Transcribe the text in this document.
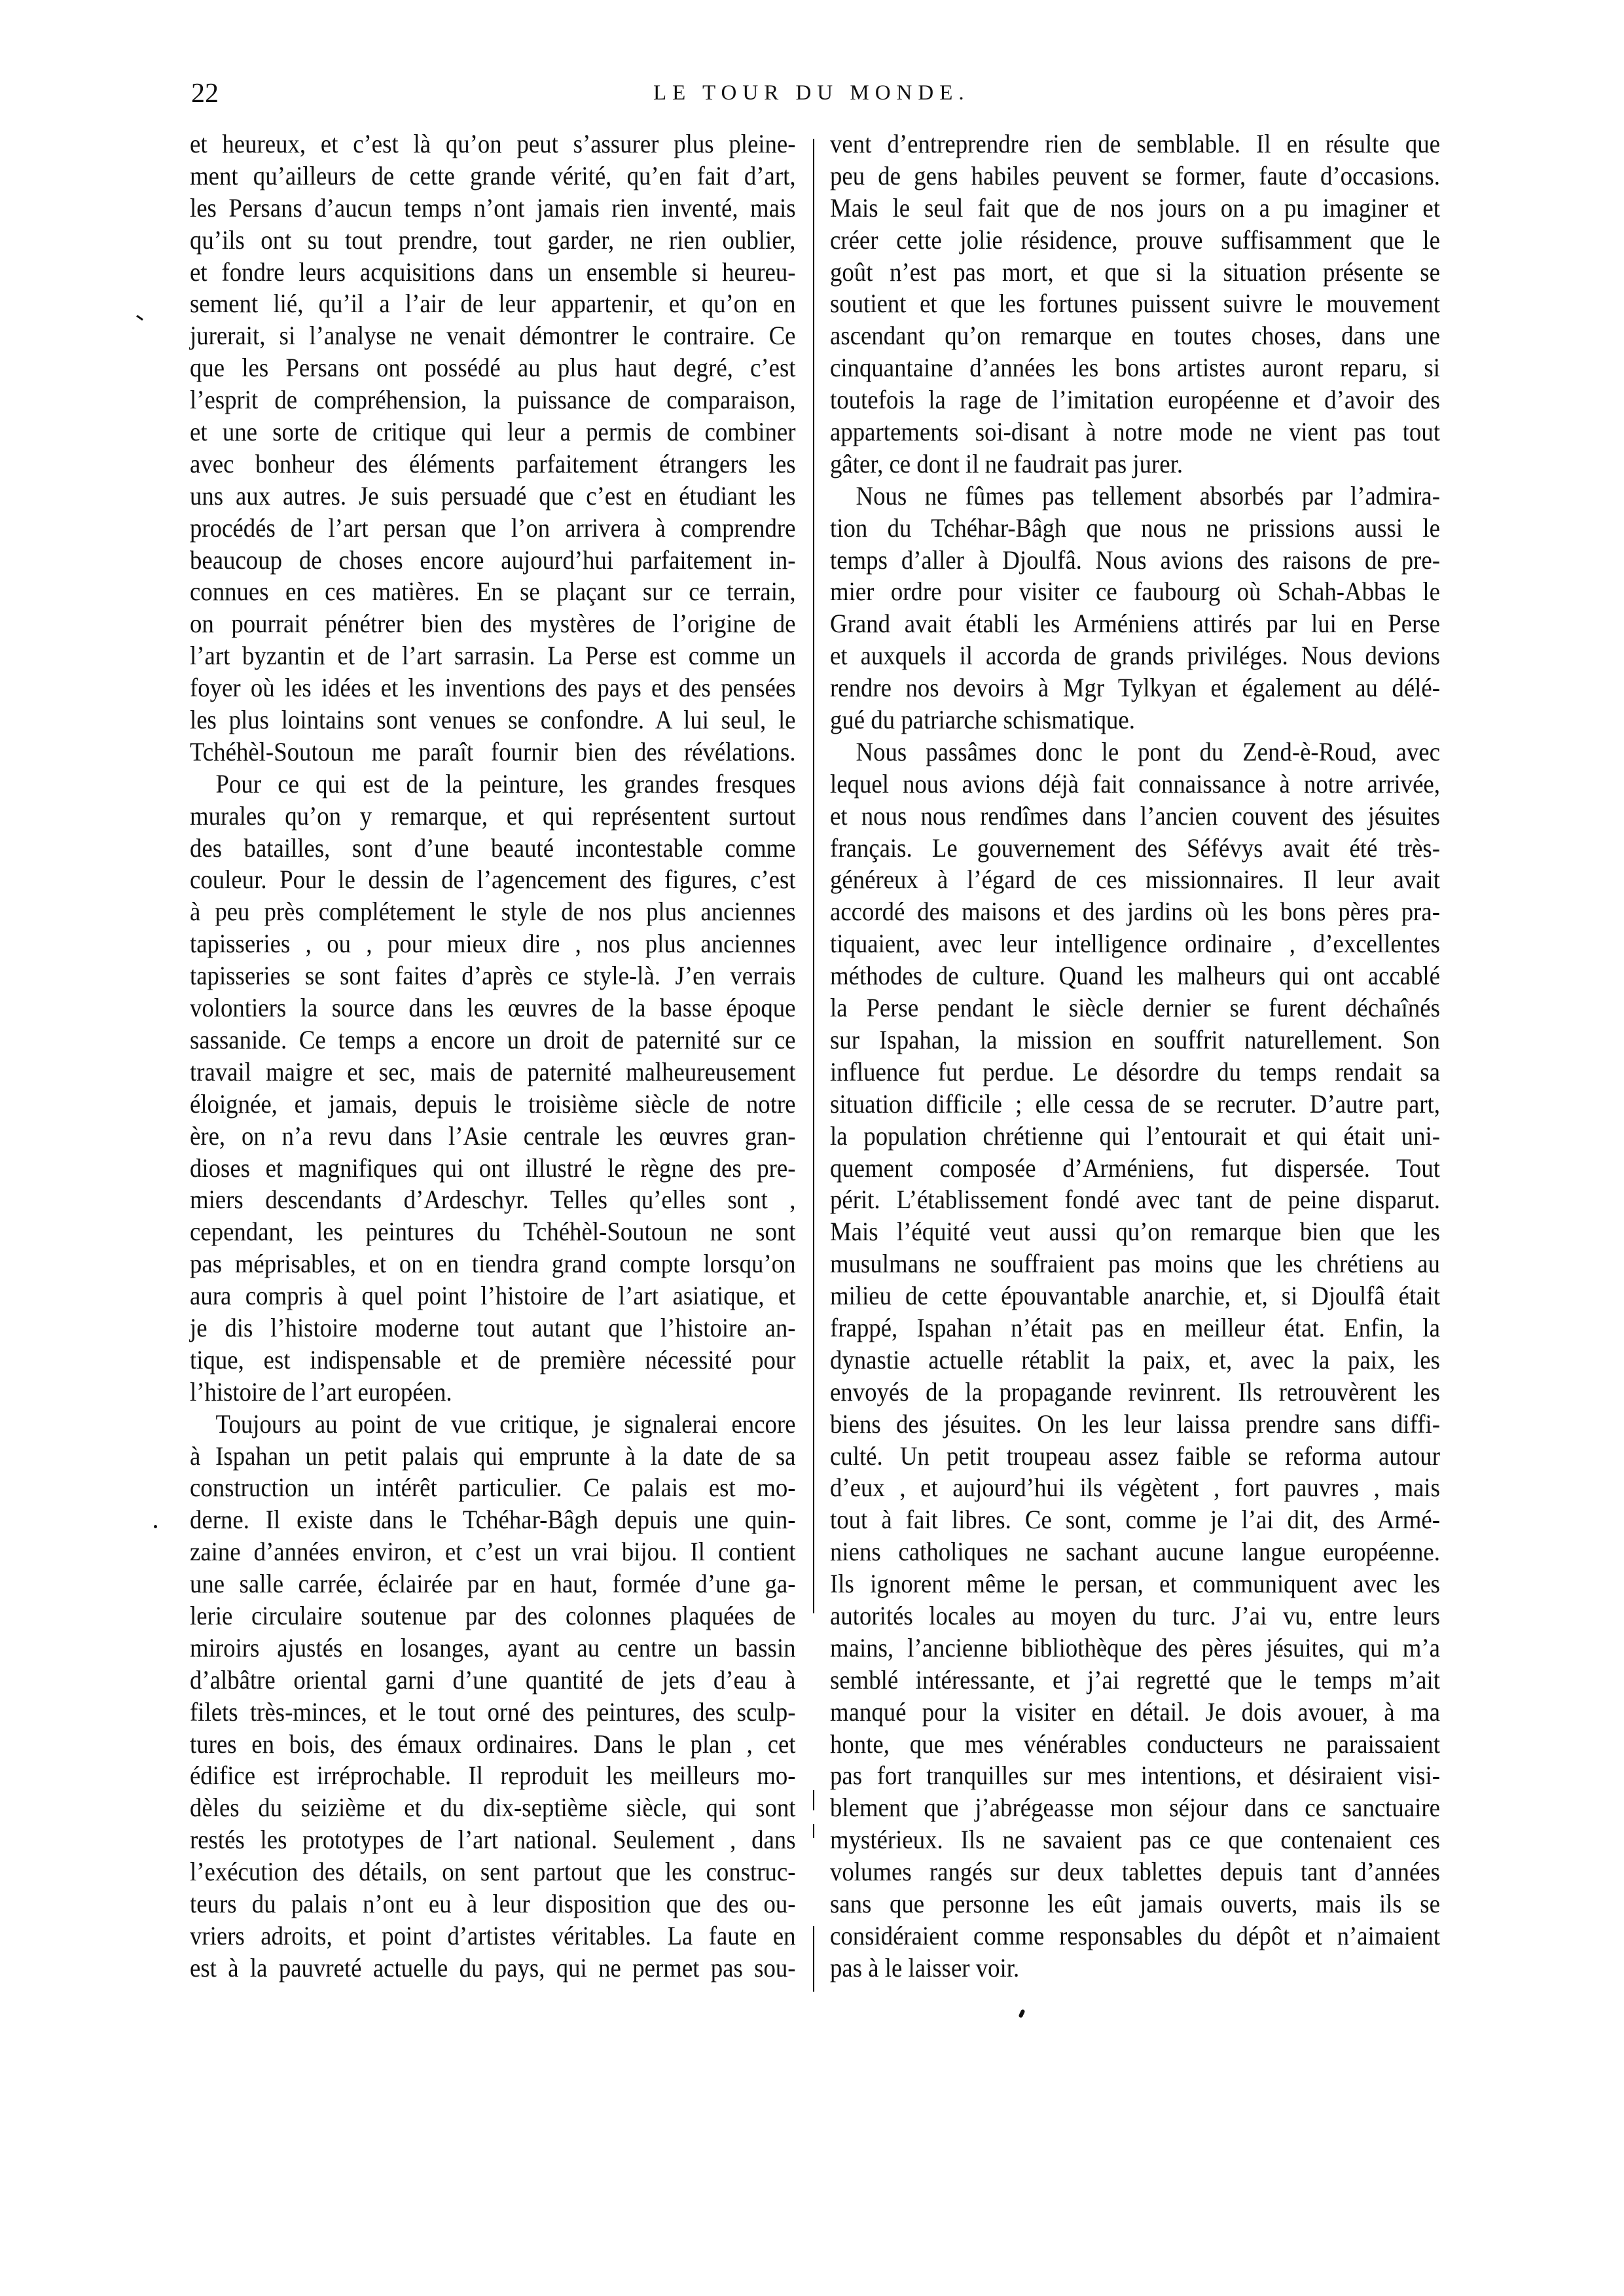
22	LE TOUR DU MONDE.
et heureux, et c’est là qu’on peut s’assurer plus pleine-
ment qu’ailleurs de cette grande vérité, qu’en fait d’art,
les Persans d’aucun temps n’ont jamais rien inventé, mais
qu’ils ont su tout prendre, tout garder, ne rien oublier,
et fondre leurs acquisitions dans un ensemble si heureu-
sement lié, qu’il a l’air de leur appartenir, et qu’on en
jurerait, si l’analyse ne venait démontrer le contraire. Ce
que les Persans ont possédé au plus haut degré, c’est
l’esprit de compréhension, la puissance de comparaison,
et une sorte de critique qui leur a permis de combiner
avec bonheur des éléments parfaitement étrangers les
uns aux autres. Je suis persuadé que c’est en étudiant les
procédés de l’art persan que l’on arrivera à comprendre
beaucoup de choses encore aujourd’hui parfaitement in-
connues en ces matières. En se plaçant sur ce terrain,
on pourrait pénétrer bien des mystères de l’origine de
l’art byzantin et de l’art sarrasin. La Perse est comme un
foyer où les idées et les inventions des pays et des pensées
les plus lointains sont venues se confondre. A lui seul, le
Tchéhèl-Soutoun me paraît fournir bien des révélations.
Pour ce qui est de la peinture, les grandes fresques
murales qu’on y remarque, et qui représentent surtout
des batailles, sont d’une beauté incontestable comme
couleur. Pour le dessin de l’agencement des figures, c’est
à peu près complétement le style de nos plus anciennes
tapisseries , ou , pour mieux dire , nos plus anciennes
tapisseries se sont faites d’après ce style-là. J’en verrais
volontiers la source dans les œuvres de la basse époque
sassanide. Ce temps a encore un droit de paternité sur ce
travail maigre et sec, mais de paternité malheureusement
éloignée, et jamais, depuis le troisième siècle de notre
ère, on n’a revu dans l’Asie centrale les œuvres gran-
dioses et magnifiques qui ont illustré le règne des pre-
miers descendants d’Ardeschyr. Telles qu’elles sont ,
cependant, les peintures du Tchéhèl-Soutoun ne sont
pas méprisables, et on en tiendra grand compte lorsqu’on
aura compris à quel point l’histoire de l’art asiatique, et
je dis l’histoire moderne tout autant que l’histoire an-
tique, est indispensable et de première nécessité pour
l’histoire de l’art européen.
Toujours au point de vue critique, je signalerai encore
à Ispahan un petit palais qui emprunte à la date de sa
construction un intérêt particulier. Ce palais est mo-
derne. Il existe dans le Tchéhar-Bâgh depuis une quin-
zaine d’années environ, et c’est un vrai bijou. Il contient
une salle carrée, éclairée par en haut, formée d’une ga-
lerie circulaire soutenue par des colonnes plaquées de
miroirs ajustés en losanges, ayant au centre un bassin
d’albâtre oriental garni d’une quantité de jets d’eau à
filets très-minces, et le tout orné des peintures, des sculp-
tures en bois, des émaux ordinaires. Dans le plan , cet
édifice est irréprochable. Il reproduit les meilleurs mo-
dèles du seizième et du dix-septième siècle, qui sont
restés les prototypes de l’art national. Seulement , dans
l’exécution des détails, on sent partout que les construc-
teurs du palais n’ont eu à leur disposition que des ou-
vriers adroits, et point d’artistes véritables. La faute en
est à la pauvreté actuelle du pays, qui ne permet pas sou-
vent d’entreprendre rien de semblable. Il en résulte que
peu de gens habiles peuvent se former, faute d’occasions.
Mais le seul fait que de nos jours on a pu imaginer et
créer cette jolie résidence, prouve suffisamment que le
goût n’est pas mort, et que si la situation présente se
soutient et que les fortunes puissent suivre le mouvement
ascendant qu’on remarque en toutes choses, dans une
cinquantaine d’années les bons artistes auront reparu, si
toutefois la rage de l’imitation européenne et d’avoir des
appartements soi-disant à notre mode ne vient pas tout
gâter, ce dont il ne faudrait pas jurer.
Nous ne fûmes pas tellement absorbés par l’admira-
tion du Tchéhar-Bâgh que nous ne prissions aussi le
temps d’aller à Djoulfâ. Nous avions des raisons de pre-
mier ordre pour visiter ce faubourg où Schah-Abbas le
Grand avait établi les Arméniens attirés par lui en Perse
et auxquels il accorda de grands priviléges. Nous devions
rendre nos devoirs à Mgr Tylkyan et également au délé-
gué du patriarche schismatique.
Nous passâmes donc le pont du Zend-è-Roud, avec
lequel nous avions déjà fait connaissance à notre arrivée,
et nous nous rendîmes dans l’ancien couvent des jésuites
français. Le gouvernement des Séfévys avait été très-
généreux à l’égard de ces missionnaires. Il leur avait
accordé des maisons et des jardins où les bons pères pra-
tiquaient, avec leur intelligence ordinaire , d’excellentes
méthodes de culture. Quand les malheurs qui ont accablé
la Perse pendant le siècle dernier se furent déchaînés
sur Ispahan, la mission en souffrit naturellement. Son
influence fut perdue. Le désordre du temps rendait sa
situation difficile ; elle cessa de se recruter. D’autre part,
la population chrétienne qui l’entourait et qui était uni-
quement composée d’Arméniens, fut dispersée. Tout
périt. L’établissement fondé avec tant de peine disparut.
Mais l’équité veut aussi qu’on remarque bien que les
musulmans ne souffraient pas moins que les chrétiens au
milieu de cette épouvantable anarchie, et, si Djoulfâ était
frappé, Ispahan n’était pas en meilleur état. Enfin, la
dynastie actuelle rétablit la paix, et, avec la paix, les
envoyés de la propagande revinrent. Ils retrouvèrent les
biens des jésuites. On les leur laissa prendre sans diffi-
culté. Un petit troupeau assez faible se reforma autour
d’eux , et aujourd’hui ils végètent , fort pauvres , mais
tout à fait libres. Ce sont, comme je l’ai dit, des Armé-
niens catholiques ne sachant aucune langue européenne.
Ils ignorent même le persan, et communiquent avec les
autorités locales au moyen du turc. J’ai vu, entre leurs
mains, l’ancienne bibliothèque des pères jésuites, qui m’a
semblé intéressante, et j’ai regretté que le temps m’ait
manqué pour la visiter en détail. Je dois avouer, à ma
honte, que mes vénérables conducteurs ne paraissaient
pas fort tranquilles sur mes intentions, et désiraient visi-
blement que j’abrégeasse mon séjour dans ce sanctuaire
mystérieux. Ils ne savaient pas ce que contenaient ces
volumes rangés sur deux tablettes depuis tant d’années
sans que personne les eût jamais ouverts, mais ils se
considéraient comme responsables du dépôt et n’aimaient
pas à le laisser voir.
